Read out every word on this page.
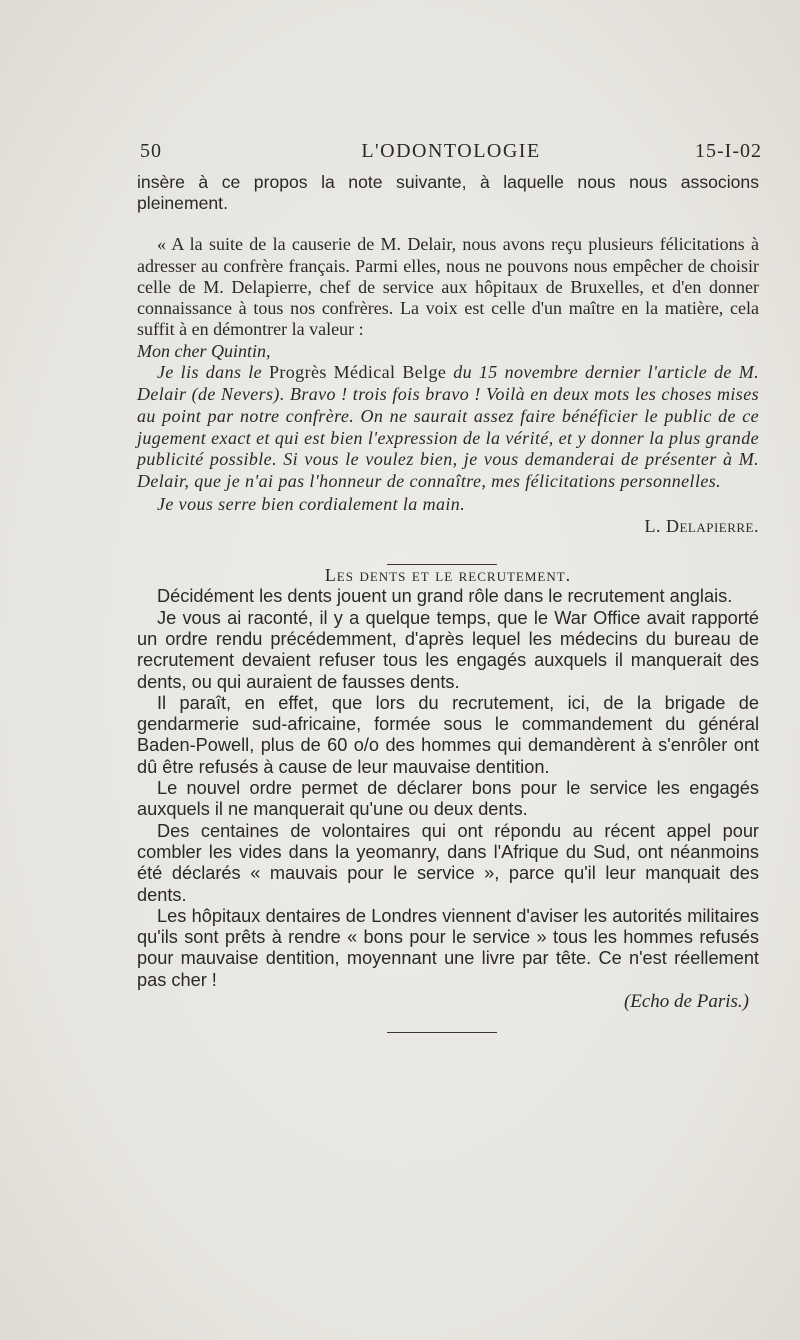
50	L'ODONTOLOGIE	15-I-02

insère à ce propos la note suivante, à laquelle nous nous associons pleinement.

« A la suite de la causerie de M. Delair, nous avons reçu plusieurs félicitations à adresser au confrère français. Parmi elles, nous ne pouvons nous empêcher de choisir celle de M. Delapierre, chef de service aux hôpitaux de Bruxelles, et d'en donner connaissance à tous nos confrères. La voix est celle d'un maître en la matière, cela suffit à en démontrer la valeur :

Mon cher Quintin,

Je lis dans le Progrès Médical Belge du 15 novembre dernier l'article de M. Delair (de Nevers). Bravo ! trois fois bravo ! Voilà en deux mots les choses mises au point par notre confrère. On ne saurait assez faire bénéficier le public de ce jugement exact et qui est bien l'expression de la vérité, et y donner la plus grande publicité possible. Si vous le voulez bien, je vous demanderai de présenter à M. Delair, que je n'ai pas l'honneur de connaître, mes félicitations personnelles.

Je vous serre bien cordialement la main.

L. Delapierre.

Les dents et le recrutement.

Décidément les dents jouent un grand rôle dans le recrutement anglais.

Je vous ai raconté, il y a quelque temps, que le War Office avait rapporté un ordre rendu précédemment, d'après lequel les médecins du bureau de recrutement devaient refuser tous les engagés auxquels il manquerait des dents, ou qui auraient de fausses dents.

Il paraît, en effet, que lors du recrutement, ici, de la brigade de gendarmerie sud-africaine, formée sous le commandement du général Baden-Powell, plus de 60 o/o des hommes qui demandèrent à s'enrôler ont dû être refusés à cause de leur mauvaise dentition.

Le nouvel ordre permet de déclarer bons pour le service les engagés auxquels il ne manquerait qu'une ou deux dents.

Des centaines de volontaires qui ont répondu au récent appel pour combler les vides dans la yeomanry, dans l'Afrique du Sud, ont néanmoins été déclarés « mauvais pour le service », parce qu'il leur manquait des dents.

Les hôpitaux dentaires de Londres viennent d'aviser les autorités militaires qu'ils sont prêts à rendre « bons pour le service » tous les hommes refusés pour mauvaise dentition, moyennant une livre par tête. Ce n'est réellement pas cher !

(Echo de Paris.)
